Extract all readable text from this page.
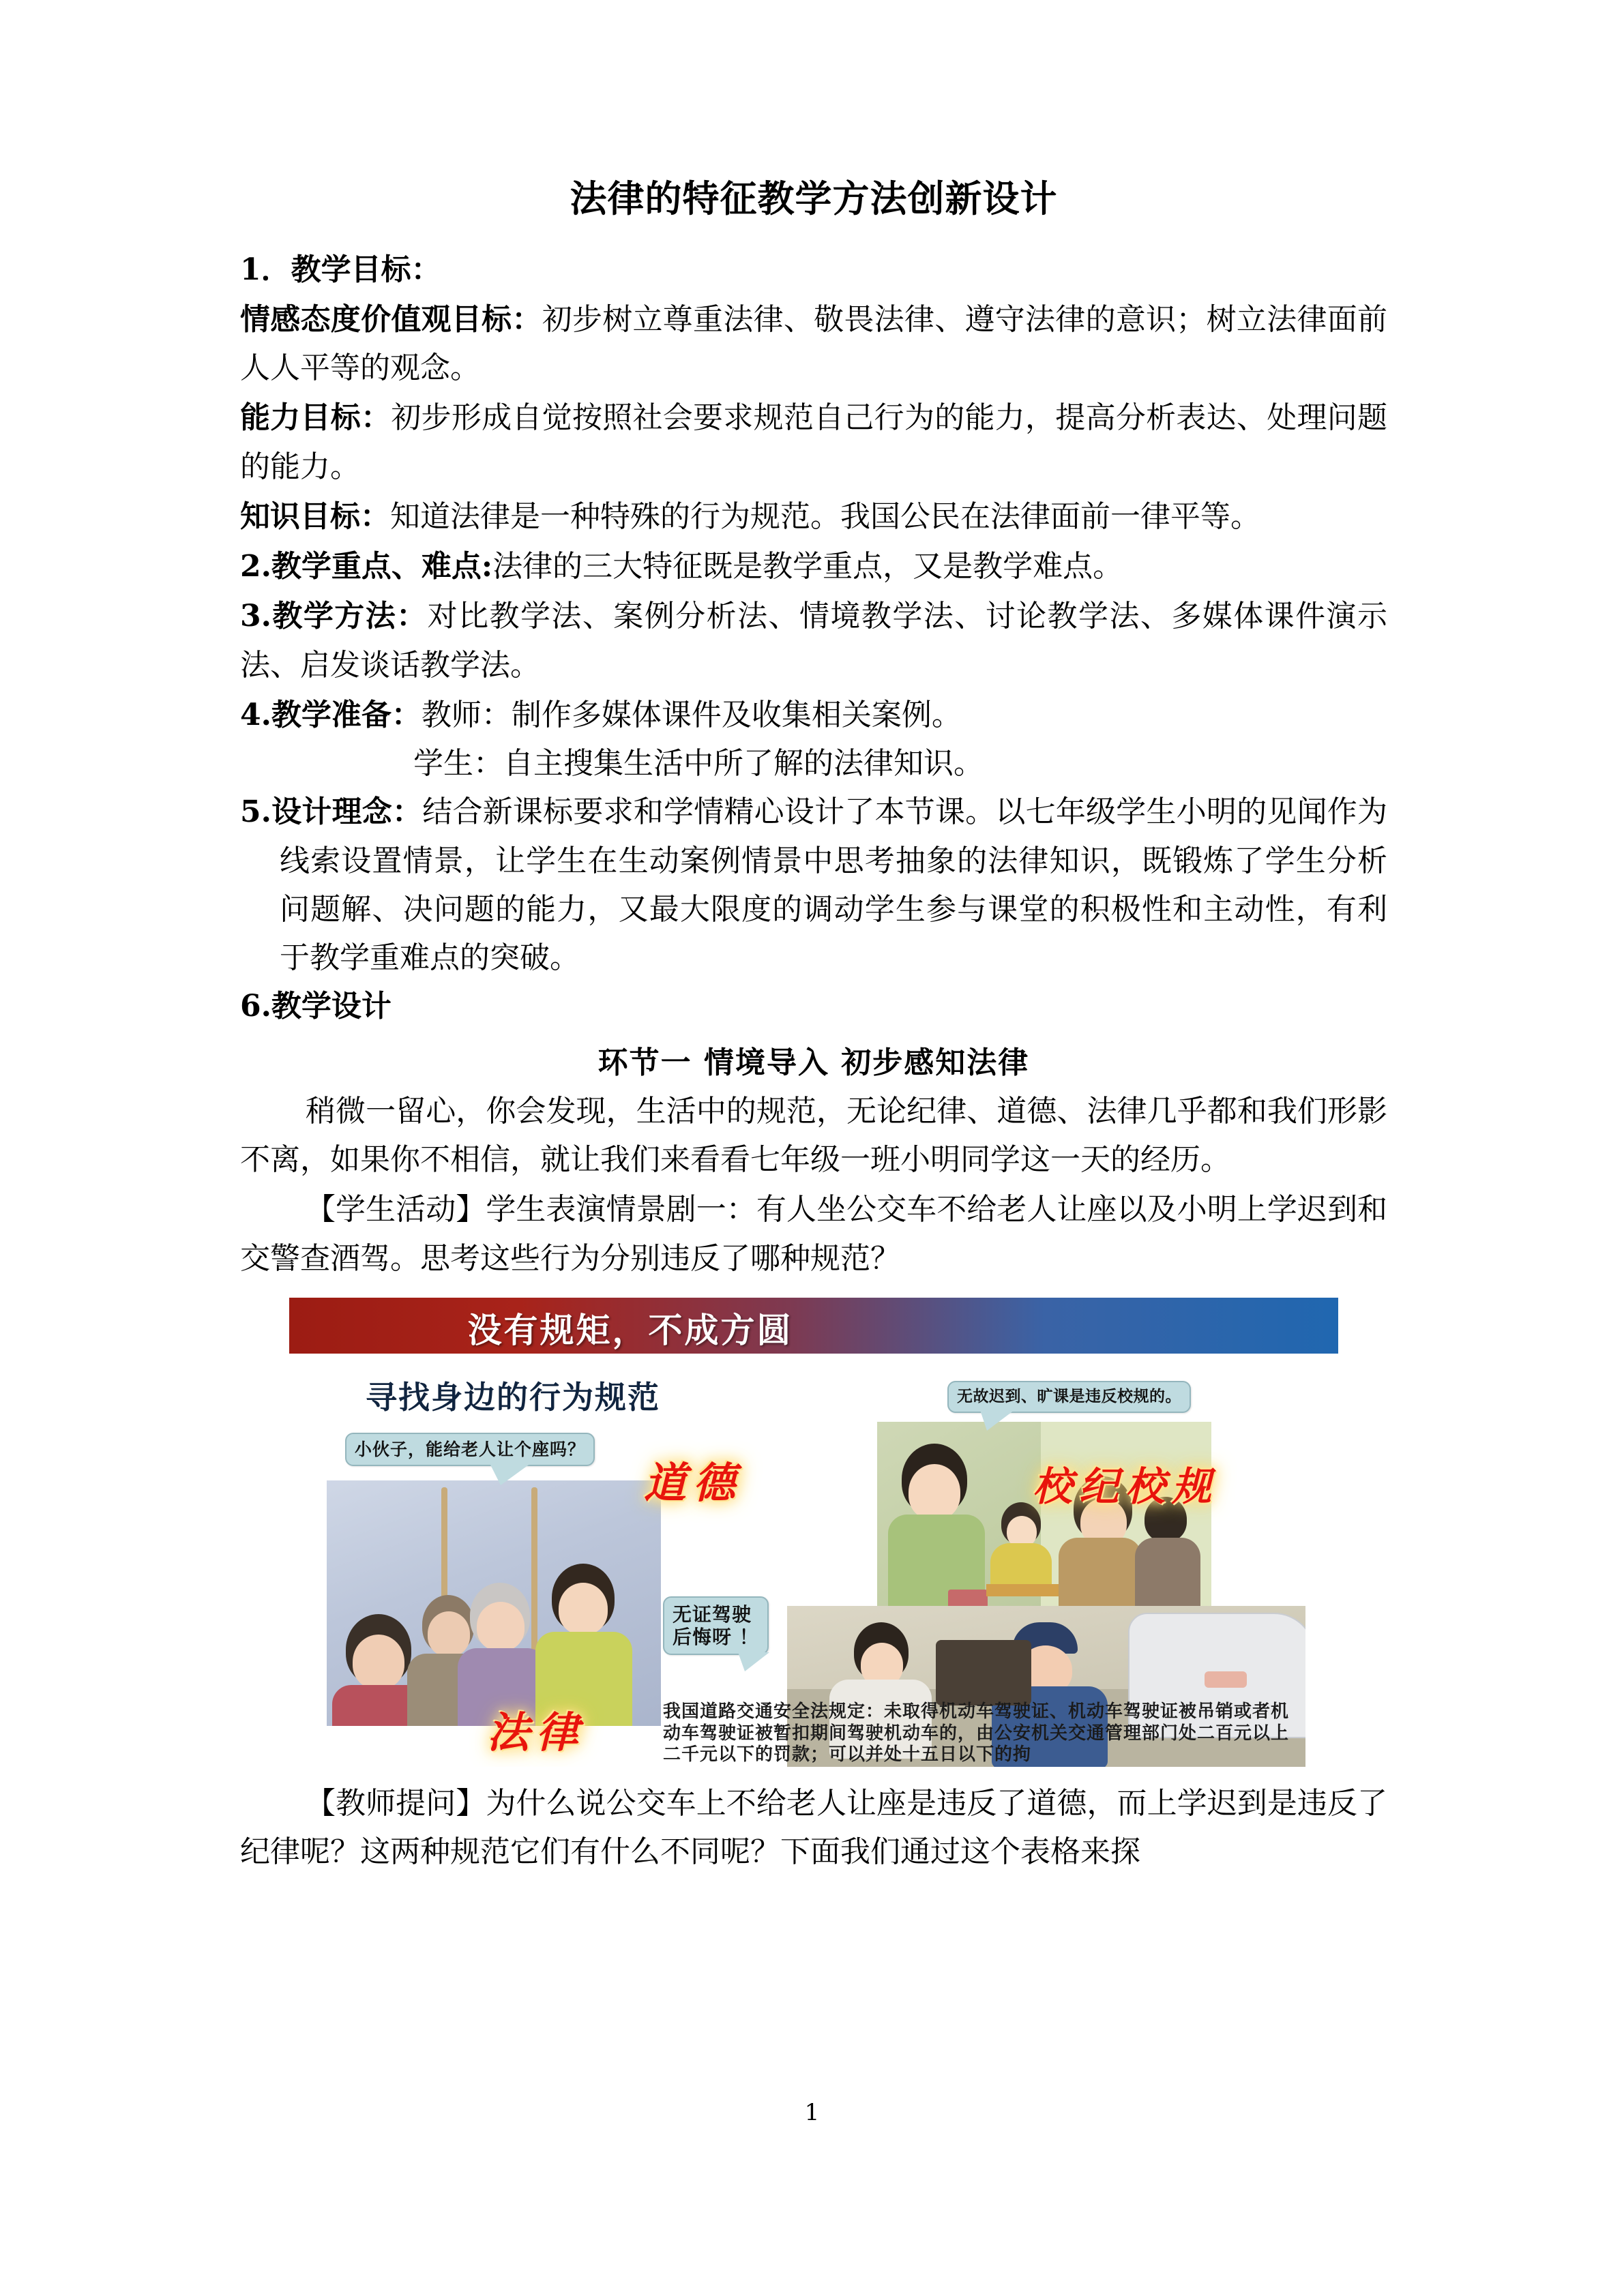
法律的特征教学方法创新设计

1．教学目标：

情感态度价值观目标：初步树立尊重法律、敬畏法律、遵守法律的意识；树立法律面前人人平等的观念。

能力目标：初步形成自觉按照社会要求规范自己行为的能力，提高分析表达、处理问题的能力。

知识目标：知道法律是一种特殊的行为规范。我国公民在法律面前一律平等。

2.教学重点、难点:法律的三大特征既是教学重点，又是教学难点。

3.教学方法：对比教学法、案例分析法、情境教学法、讨论教学法、多媒体课件演示法、启发谈话教学法。

4.教学准备：教师：制作多媒体课件及收集相关案例。

学生：自主搜集生活中所了解的法律知识。

5.设计理念：结合新课标要求和学情精心设计了本节课。以七年级学生小明的见闻作为线索设置情景，让学生在生动案例情景中思考抽象的法律知识，既锻炼了学生分析问题解、决问题的能力，又最大限度的调动学生参与课堂的积极性和主动性，有利于教学重难点的突破。

6.教学设计

环节一 情境导入 初步感知法律

稍微一留心，你会发现，生活中的规范，无论纪律、道德、法律几乎都和我们形影不离，如果你不相信，就让我们来看看七年级一班小明同学这一天的经历。

【学生活动】学生表演情景剧一：有人坐公交车不给老人让座以及小明上学迟到和交警查酒驾。思考这些行为分别违反了哪种规范？

没有规矩，不成方圆
寻找身边的行为规范
小伙子，能给老人让个座吗？
无故迟到、旷课是违反校规的。
无证驾驶
后悔呀 ！
道德	校纪校规
法律	我国道路交通安全法规定：未取得机动车驾驶证、机动车驾驶证被吊销或者机动车驾驶证被暂扣期间驾驶机动车的，由公安机关交通管理部门处二百元以上二千元以下的罚款；可以并处十五日以下的拘

【教师提问】为什么说公交车上不给老人让座是违反了道德，而上学迟到是违反了纪律呢？这两种规范它们有什么不同呢？下面我们通过这个表格来探

1
